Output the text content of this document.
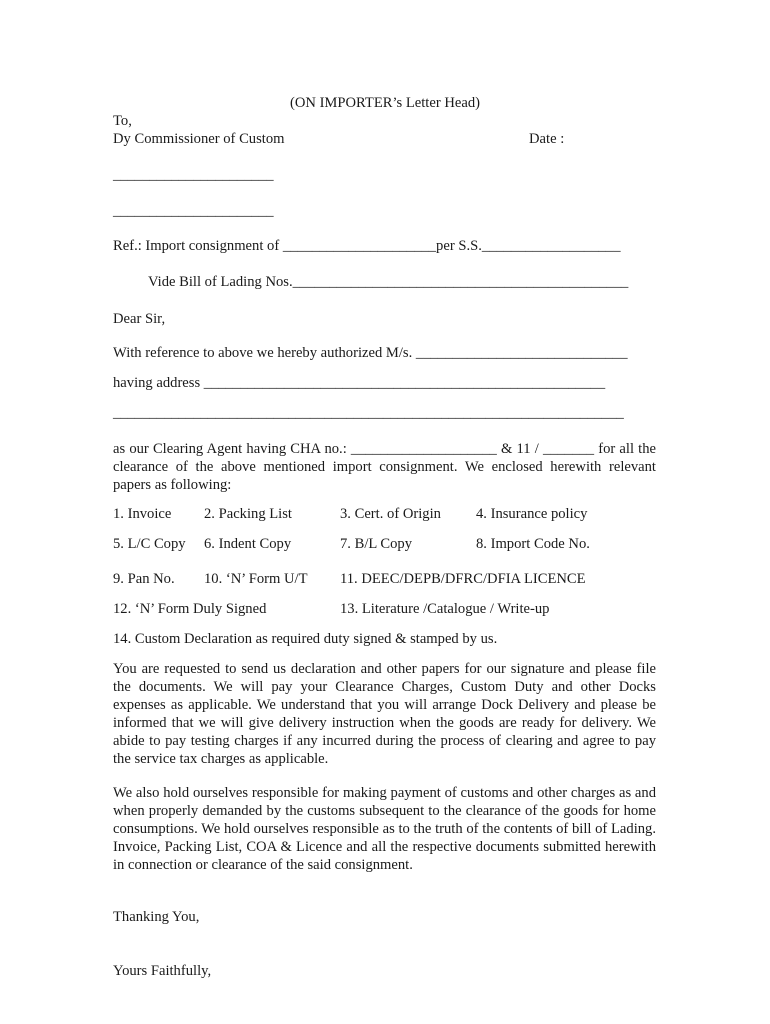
(ON IMPORTER’s Letter Head)
To,
Dy Commissioner of Custom	Date :
______________________
______________________
Ref.: Import consignment of _____________________per S.S.___________________
Vide Bill of Lading Nos.______________________________________________
Dear Sir,
With reference to above we hereby authorized M/s. _____________________________
having address _______________________________________________________
______________________________________________________________________
as our Clearing Agent having CHA no.: ____________________ & 11 / _______ for all the clearance of the above mentioned import consignment. We enclosed herewith relevant papers as following:
1. Invoice 2. Packing List	3. Cert. of Origin 4. Insurance policy
5. L/C Copy 6. Indent Copy	7. B/L Copy	8. Import Code No.
9. Pan No. 10. ‘N’ Form U/T 11. DEEC/DEPB/DFRC/DFIA LICENCE
12. ‘N’ Form Duly Signed	13. Literature /Catalogue / Write-up
14. Custom Declaration as required duty signed & stamped by us.
You are requested to send us declaration and other papers for our signature and please file the documents. We will pay your Clearance Charges, Custom Duty and other Docks expenses as applicable. We understand that you will arrange Dock Delivery and please be informed that we will give delivery instruction when the goods are ready for delivery. We abide to pay testing charges if any incurred during the process of clearing and agree to pay the service tax charges as applicable.
We also hold ourselves responsible for making payment of customs and other charges as and when properly demanded by the customs subsequent to the clearance of the goods for home consumptions. We hold ourselves responsible as to the truth of the contents of bill of Lading. Invoice, Packing List, COA & Licence and all the respective documents submitted herewith in connection or clearance of the said consignment.
Thanking You,
Yours Faithfully,
